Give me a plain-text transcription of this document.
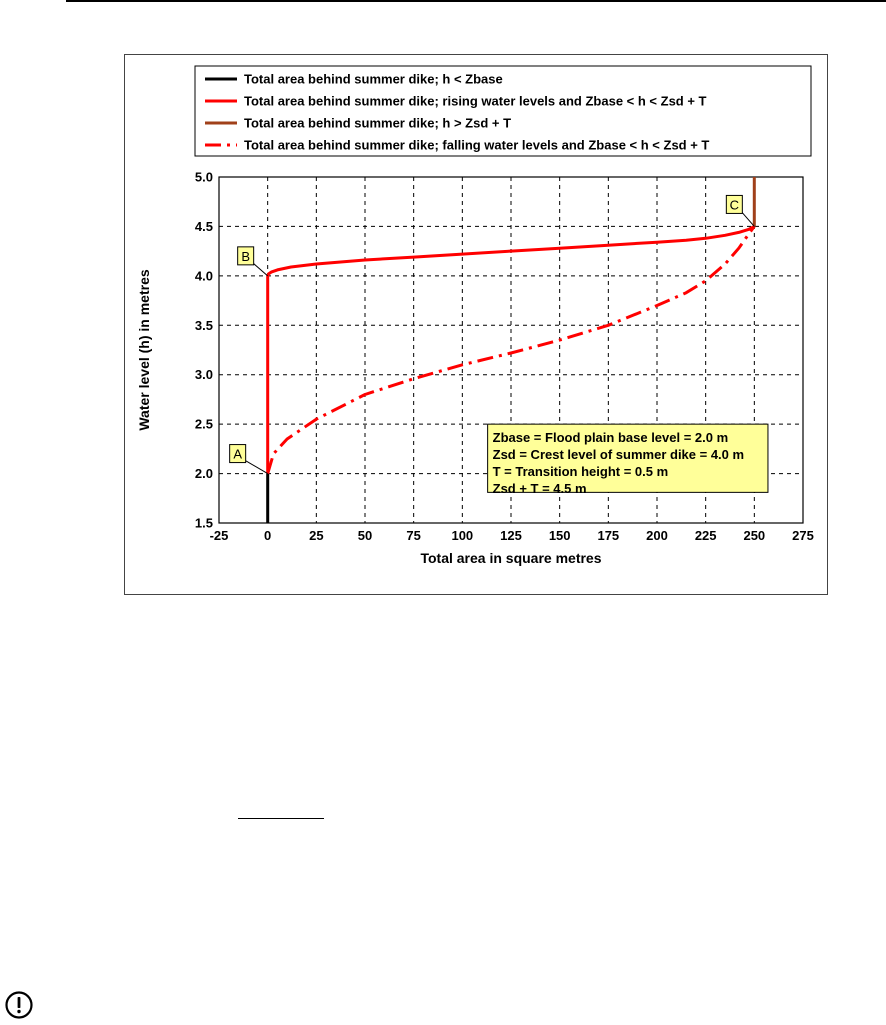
Total area behind summer dike; h < Zbase
Total area behind summer dike; rising water levels and Zbase < h < Zsd + T
Total area behind summer dike; h > Zsd + T
Total area behind summer dike; falling water levels and Zbase < h < Zsd + T
-25	0	25	50	75 100 125 150 175 200 225 250 275
1.5
2.0
2.5
3.0
3.5
4.0
4.5
5.0
Total area in square metres
Water level (h) in metres
Zbase = Flood plain base level = 2.0 m
Zsd = Crest level of summer dike = 4.0 m
T = Transition height = 0.5 m
Zsd + T = 4.5 m
A
B
C
